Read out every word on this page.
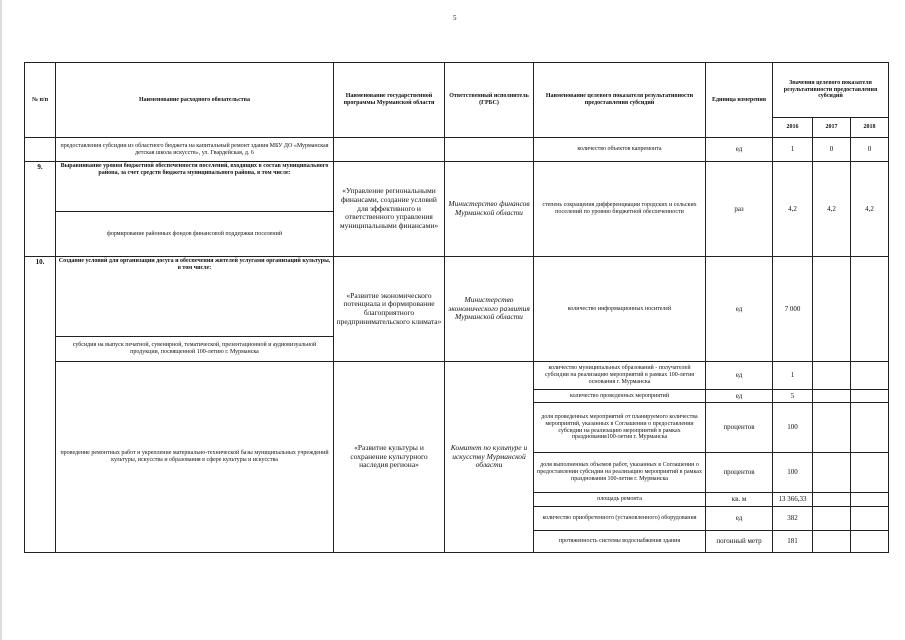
5
№ п/п	Наименование расходного обязательства	Наименование государственной программы Мурманской области	Ответственный исполнитель (ГРБС)	Наименование целевого показателя результативности предоставления субсидий	Единица измерения	Значения целевого показателя результативности предоставления субсидий		
						2016	2017	2018
	предоставления субсидии из областного бюджета на капитальный ремонт здания МБУ ДО «Мурманская детская школа искусств», ул. Гвардейская, д. 6			количество объектов капремонта	ед	1	0	0
9.	Выравнивание уровня бюджетной обеспеченности поселений, входящих в состав муниципального района, за счет средств бюджета муниципального района, в том числе:	«Управление региональными финансами, создание условий для эффективного и ответственного управления муниципальными финансами»	Министерство финансов Мурманской области	степень сокращения дифференциации городских и сельских поселений по уровню бюджетной обеспеченности	раз	4,2	4,2	4,2
	формирование районных фондов финансовой поддержки поселений							
10.	Создание условий для организации досуга и обеспечения жителей услугами организаций культуры, в том числе:	«Развитие экономического потенциала и формирование благоприятного предпринимательского климата»	Министерство экономического развития Мурманской области	количество информационных носителей	ед	7 000		
	субсидия на выпуск печатной, сувенирной, тематической, презентационной и аудиовизуальной продукции, посвященной 100-летию г. Мурманска							
	проведение ремонтных работ и укрепление материально-технической базы муниципальных учреждений культуры, искусства и образования в сфере культуры и искусства	«Развитие культуры и сохранение культурного наследия региона»	Комитет по культуре и искусству Мурманской области	количество муниципальных образований - получателей субсидии на реализацию мероприятий в рамках 100-летия основания г. Мурманска	ед	1		
				количество проведенных мероприятий	ед	5		
				доля проведенных мероприятий от планируемого количества мероприятий, указанных в Соглашении о предоставлении субсидии на реализацию мероприятий в рамках празднования100-летия г. Мурманска	процентов	100		
				доля выполненных объемов работ, указанных в Соглашении о предоставлении субсидии на реализацию мероприятий в рамках празднования 100-летия г. Мурманска	процентов	100		
				площадь ремонта	кв. м	13 366,33		
				количество приобретенного (установленного) оборудования	ед	382		
				протяженность системы водоснабжения здания	погонный метр	181		
